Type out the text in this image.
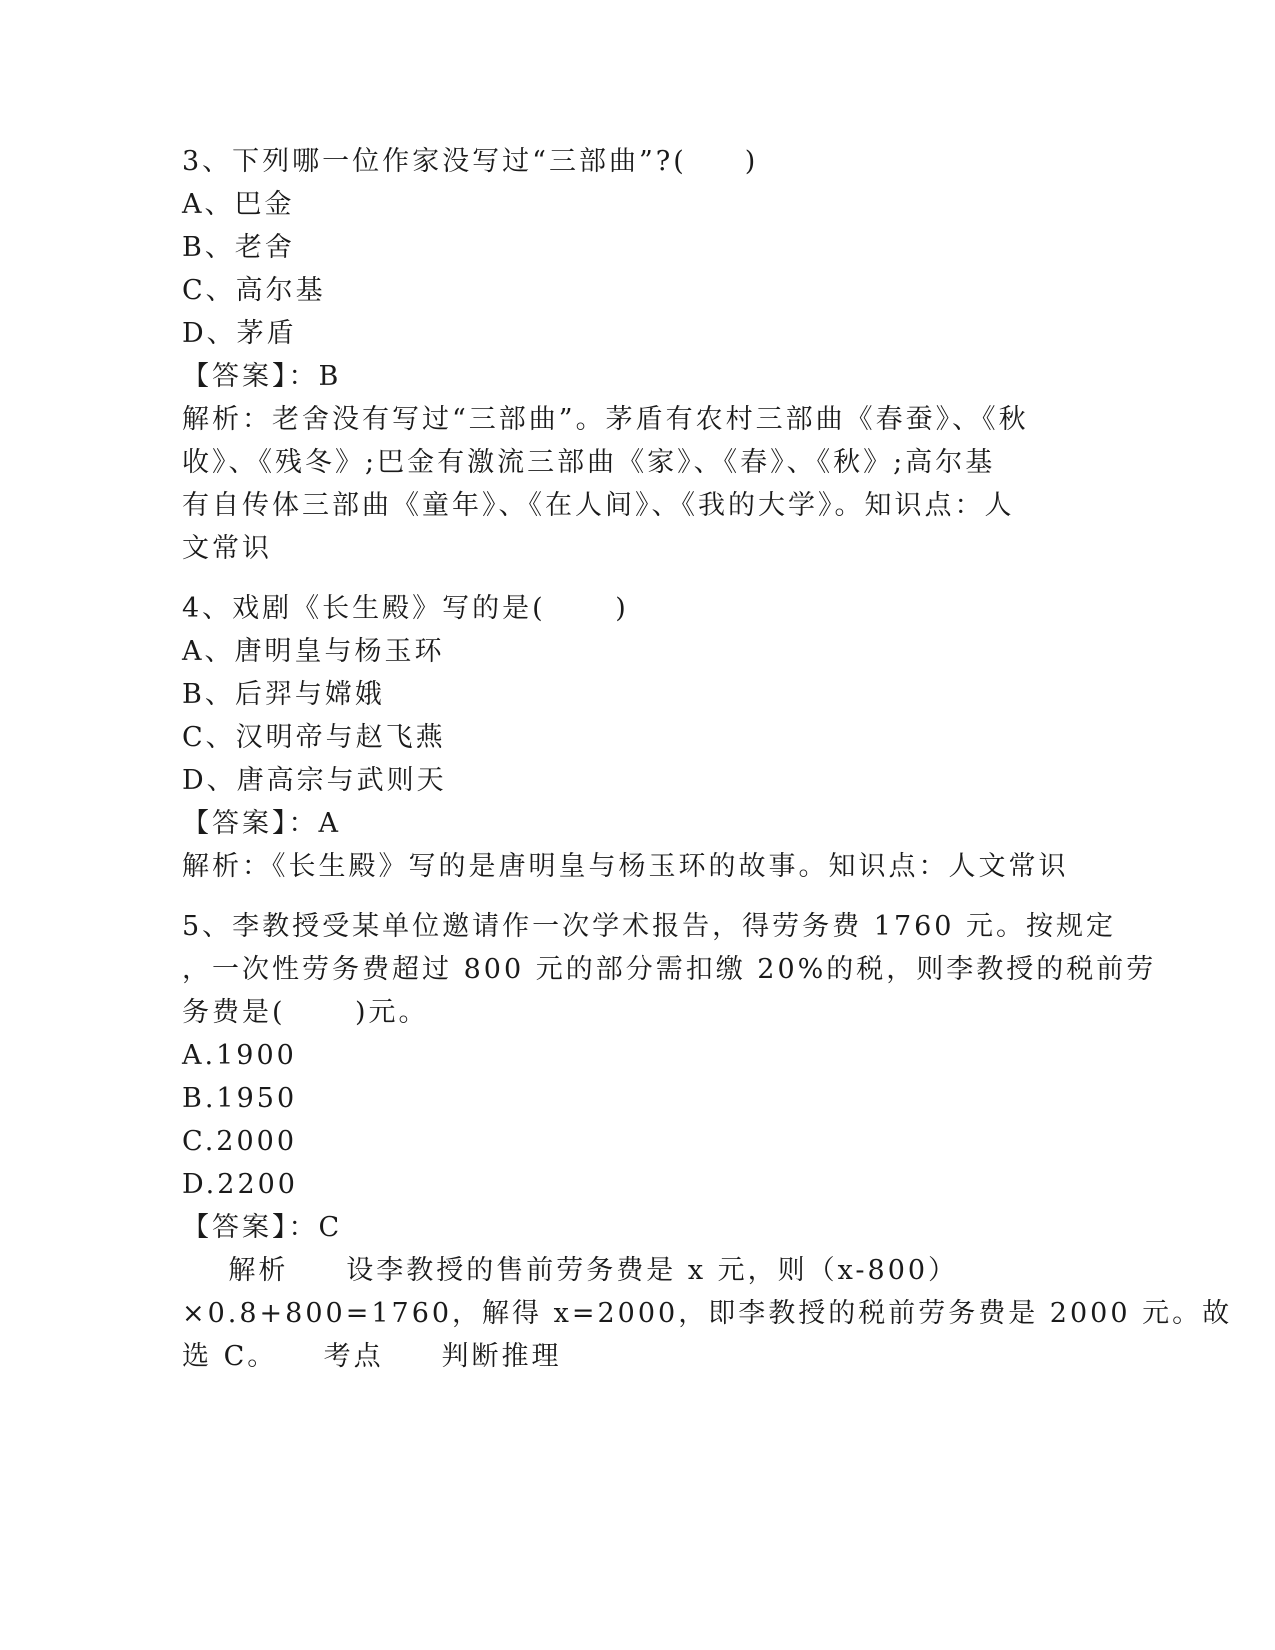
3、下列哪一位作家没写过“三部曲”?(     )
A、巴金
B、老舍
C、高尔基
D、茅盾
【答案】：B
解析：老舍没有写过“三部曲”。茅盾有农村三部曲《春蚕》、《秋
收》、《残冬》;巴金有激流三部曲《家》、《春》、《秋》;高尔基
有自传体三部曲《童年》、《在人间》、《我的大学》。知识点：人
文常识
4、戏剧《长生殿》写的是(      )
A、唐明皇与杨玉环
B、后羿与嫦娥
C、汉明帝与赵飞燕
D、唐高宗与武则天
【答案】：A
解析：《长生殿》写的是唐明皇与杨玉环的故事。知识点：人文常识
5、李教授受某单位邀请作一次学术报告，得劳务费 1760 元。按规定
，一次性劳务费超过 800 元的部分需扣缴 20%的税，则李教授的税前劳
务费是(      )元。
A.1900
B.1950
C.2000
D.2200
【答案】：C
解析     设李教授的售前劳务费是 x 元，则（x-800）
×0.8+800=1760，解得 x=2000，即李教授的税前劳务费是 2000 元。故
选 C。    考点     判断推理
